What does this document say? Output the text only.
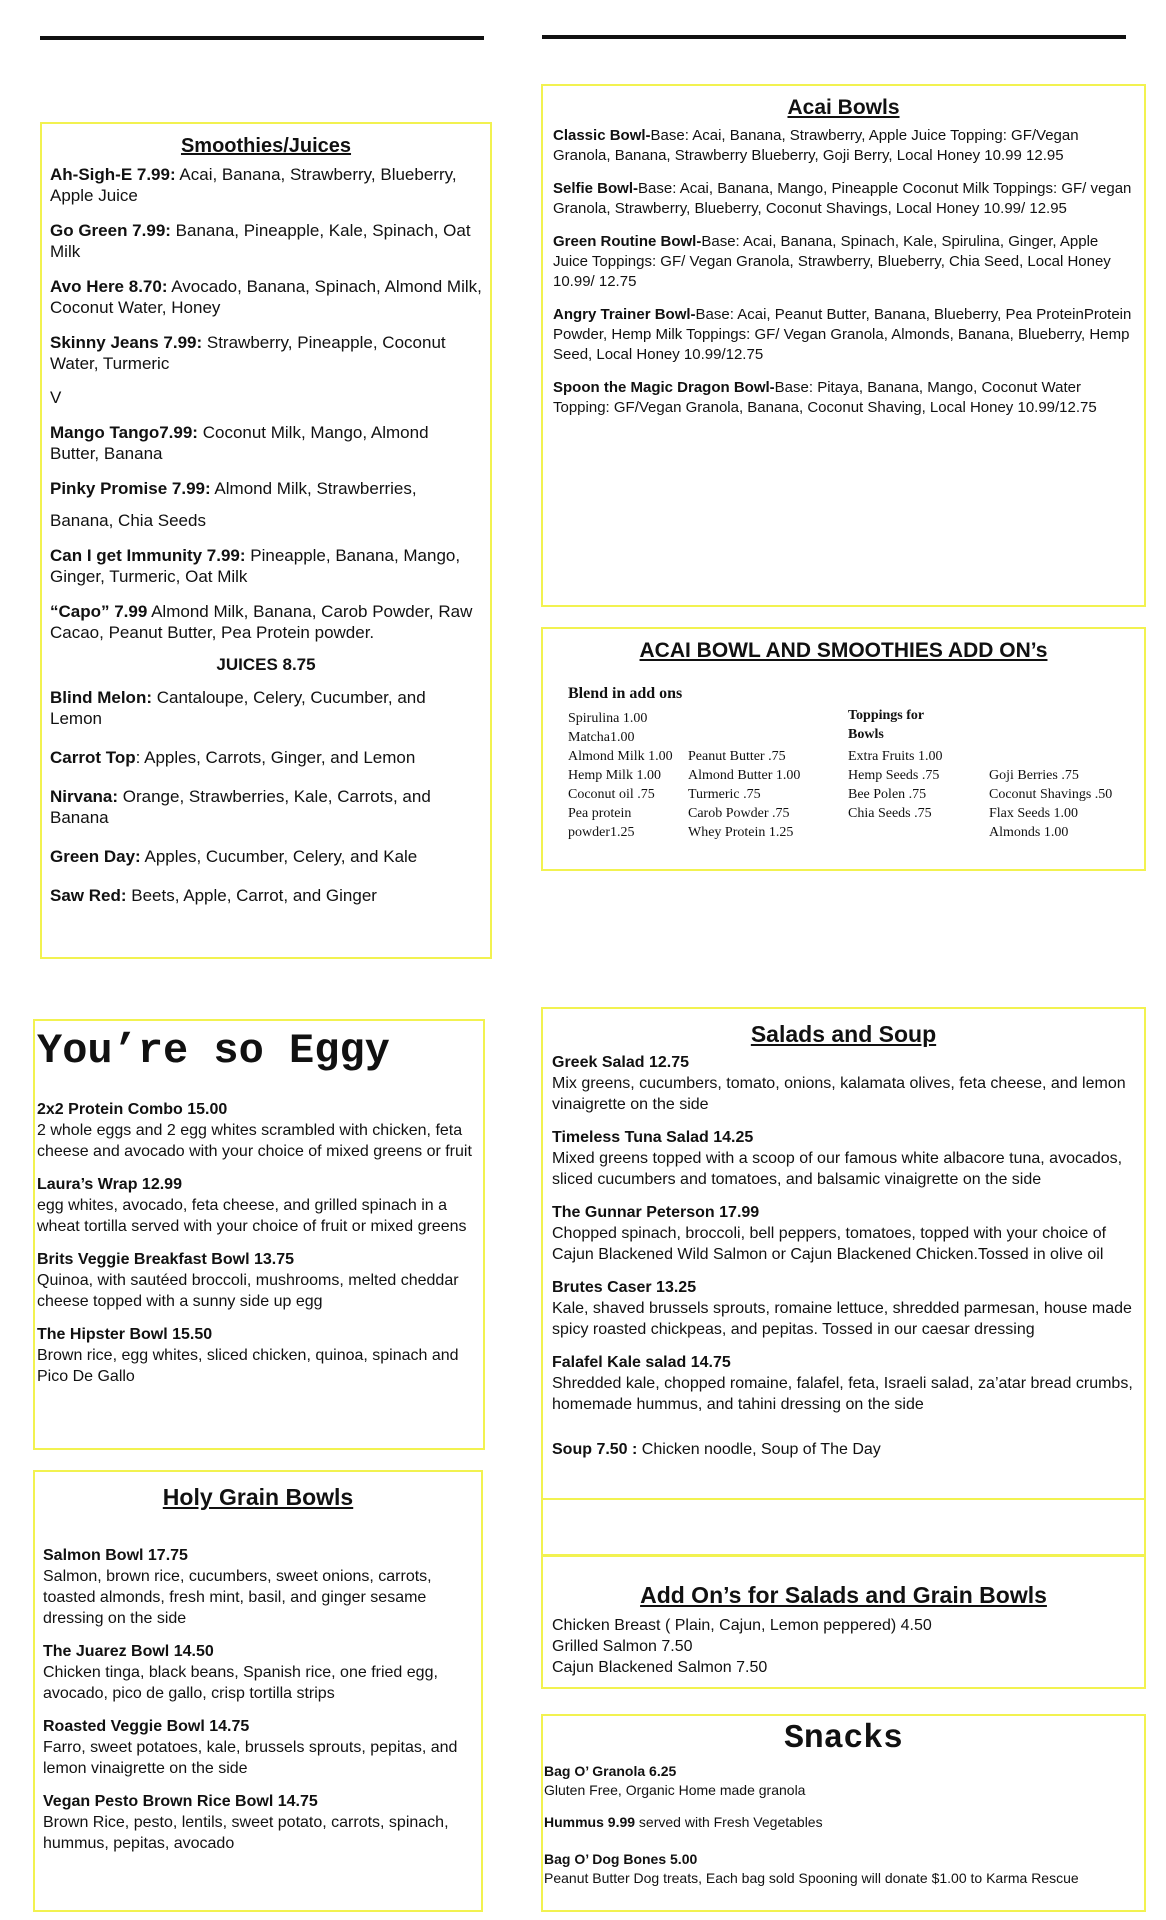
Smoothies/Juices
Ah-Sigh-E 7.99: Acai, Banana, Strawberry, Blueberry, Apple Juice
Go Green 7.99: Banana, Pineapple, Kale, Spinach, Oat Milk
Avo Here 8.70: Avocado, Banana, Spinach, Almond Milk, Coconut Water, Honey
Skinny Jeans 7.99: Strawberry, Pineapple, Coconut Water, Turmeric
V
Mango Tango7.99: Coconut Milk, Mango, Almond Butter, Banana
Pinky Promise 7.99: Almond Milk, Strawberries,
Banana, Chia Seeds
Can I get Immunity 7.99: Pineapple, Banana, Mango, Ginger, Turmeric, Oat Milk
“Capo” 7.99 Almond Milk, Banana, Carob Powder, Raw Cacao, Peanut Butter, Pea Protein powder.
JUICES 8.75
Blind Melon: Cantaloupe, Celery, Cucumber, and Lemon
Carrot Top: Apples, Carrots, Ginger, and Lemon
Nirvana: Orange, Strawberries, Kale, Carrots, and Banana
Green Day: Apples, Cucumber, Celery, and Kale
Saw Red: Beets, Apple, Carrot, and Ginger
Acai Bowls
Classic Bowl-Base: Acai, Banana, Strawberry, Apple Juice Topping: GF/Vegan Granola, Banana, Strawberry Blueberry, Goji Berry, Local Honey 10.99 12.95
Selfie Bowl-Base: Acai, Banana, Mango, Pineapple Coconut Milk Toppings: GF/ vegan Granola, Strawberry, Blueberry, Coconut Shavings, Local Honey 10.99/ 12.95
Green Routine Bowl-Base: Acai, Banana, Spinach, Kale, Spirulina, Ginger, Apple Juice Toppings: GF/ Vegan Granola, Strawberry, Blueberry, Chia Seed, Local Honey 10.99/ 12.75
Angry Trainer Bowl-Base: Acai, Peanut Butter, Banana, Blueberry, Pea ProteinProtein Powder, Hemp Milk Toppings: GF/ Vegan Granola, Almonds, Banana, Blueberry, Hemp Seed, Local Honey 10.99/12.75
Spoon the Magic Dragon Bowl-Base: Pitaya, Banana, Mango, Coconut Water Topping: GF/Vegan Granola, Banana, Coconut Shaving, Local Honey 10.99/12.75
ACAI BOWL AND SMOOTHIES ADD ON’s
Blend in add ons
Spirulina 1.00
Matcha1.00
Almond Milk 1.00
Hemp Milk 1.00
Coconut oil .75
Pea protein
powder1.25
Peanut Butter .75
Almond Butter 1.00
Turmeric .75
Carob Powder .75
Whey Protein 1.25
Toppings for
Bowls
Extra Fruits 1.00
Hemp Seeds .75
Bee Polen .75
Chia Seeds .75
Goji Berries .75
Coconut Shavings .50
Flax Seeds 1.00
Almonds 1.00
You’re so Eggy
2x2 Protein Combo 15.00
2 whole eggs and 2 egg whites scrambled with chicken, feta cheese and avocado with your choice of mixed greens or fruit
Laura’s Wrap 12.99
egg whites, avocado, feta cheese, and grilled spinach in a wheat tortilla served with your choice of fruit or mixed greens
Brits Veggie Breakfast Bowl 13.75
Quinoa, with sautéed broccoli, mushrooms, melted cheddar cheese topped with a sunny side up egg
The Hipster Bowl 15.50
Brown rice, egg whites, sliced chicken, quinoa, spinach and Pico De Gallo
Holy Grain Bowls
Salmon Bowl 17.75
Salmon, brown rice, cucumbers, sweet onions, carrots, toasted almonds, fresh mint, basil, and ginger sesame dressing on the side
The Juarez Bowl 14.50
Chicken tinga, black beans, Spanish rice, one fried egg, avocado, pico de gallo, crisp tortilla strips
Roasted Veggie Bowl 14.75
Farro, sweet potatoes, kale, brussels sprouts, pepitas, and lemon vinaigrette on the side
Vegan Pesto Brown Rice Bowl 14.75
Brown Rice, pesto, lentils, sweet potato, carrots, spinach, hummus, pepitas, avocado
Salads and Soup
Greek Salad 12.75
Mix greens, cucumbers, tomato, onions, kalamata olives, feta cheese, and lemon vinaigrette on the side
Timeless Tuna Salad 14.25
Mixed greens topped with a scoop of our famous white albacore tuna, avocados, sliced cucumbers and tomatoes, and balsamic vinaigrette on the side
The Gunnar Peterson 17.99
Chopped spinach, broccoli, bell peppers, tomatoes, topped with your choice of Cajun Blackened Wild Salmon or Cajun Blackened Chicken.Tossed in olive oil
Brutes Caser 13.25
Kale, shaved brussels sprouts, romaine lettuce, shredded parmesan, house made spicy roasted chickpeas, and pepitas. Tossed in our caesar dressing
Falafel Kale salad 14.75
Shredded kale, chopped romaine, falafel, feta, Israeli salad, za’atar bread crumbs, homemade hummus, and tahini dressing on the side
Soup 7.50 : Chicken noodle, Soup of The Day
Add On’s for Salads and Grain Bowls
Chicken Breast ( Plain, Cajun, Lemon peppered) 4.50
Grilled Salmon 7.50
Cajun Blackened Salmon 7.50
Snacks
Bag O’ Granola 6.25
Gluten Free, Organic Home made granola
Hummus 9.99 served with Fresh Vegetables
Bag O’ Dog Bones 5.00
Peanut Butter Dog treats, Each bag sold Spooning will donate $1.00 to Karma Rescue
